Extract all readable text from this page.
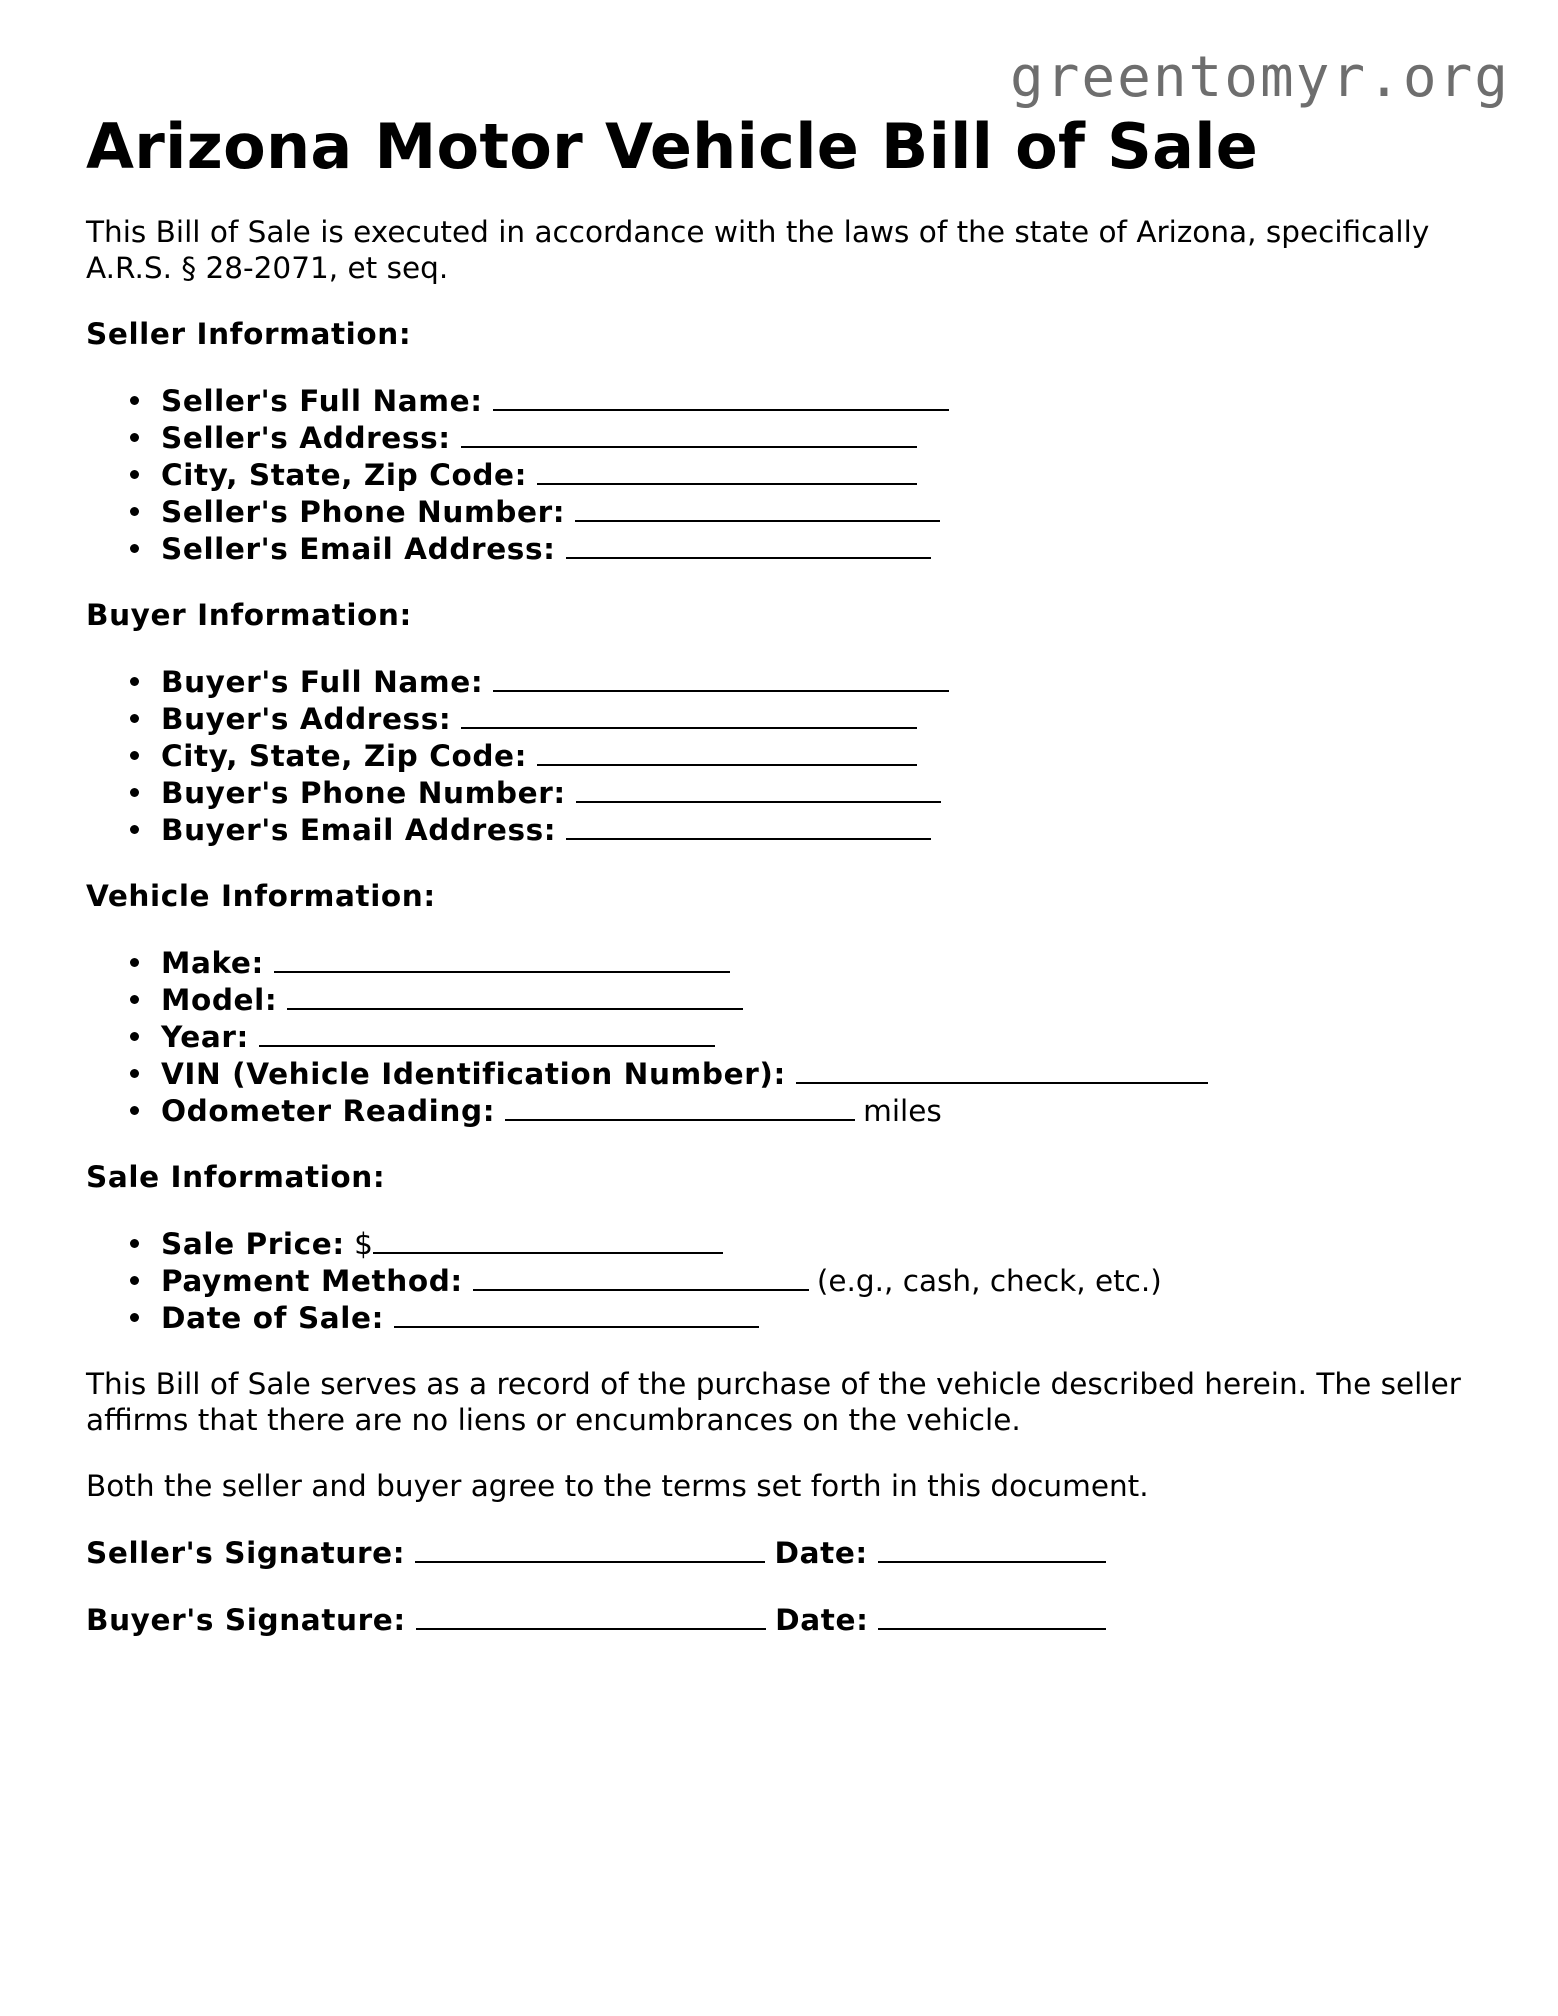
greentomyr.org
Arizona Motor Vehicle Bill of Sale

This Bill of Sale is executed in accordance with the laws of the state of Arizona, specifically A.R.S. § 28-2071, et seq.

Seller Information:

Seller's Full Name:
Seller's Address:
City, State, Zip Code:
Seller's Phone Number:
Seller's Email Address:

Buyer Information:

Buyer's Full Name:
Buyer's Address:
City, State, Zip Code:
Buyer's Phone Number:
Buyer's Email Address:

Vehicle Information:

Make:
Model:
Year:
VIN (Vehicle Identification Number):
Odometer Reading:	miles

Sale Information:

Sale Price: $
Payment Method:	(e.g., cash, check, etc.)
Date of Sale:

This Bill of Sale serves as a record of the purchase of the vehicle described herein. The seller affirms that there are no liens or encumbrances on the vehicle.

Both the seller and buyer agree to the terms set forth in this document.

Seller's Signature:	Date:

Buyer's Signature:	Date:
